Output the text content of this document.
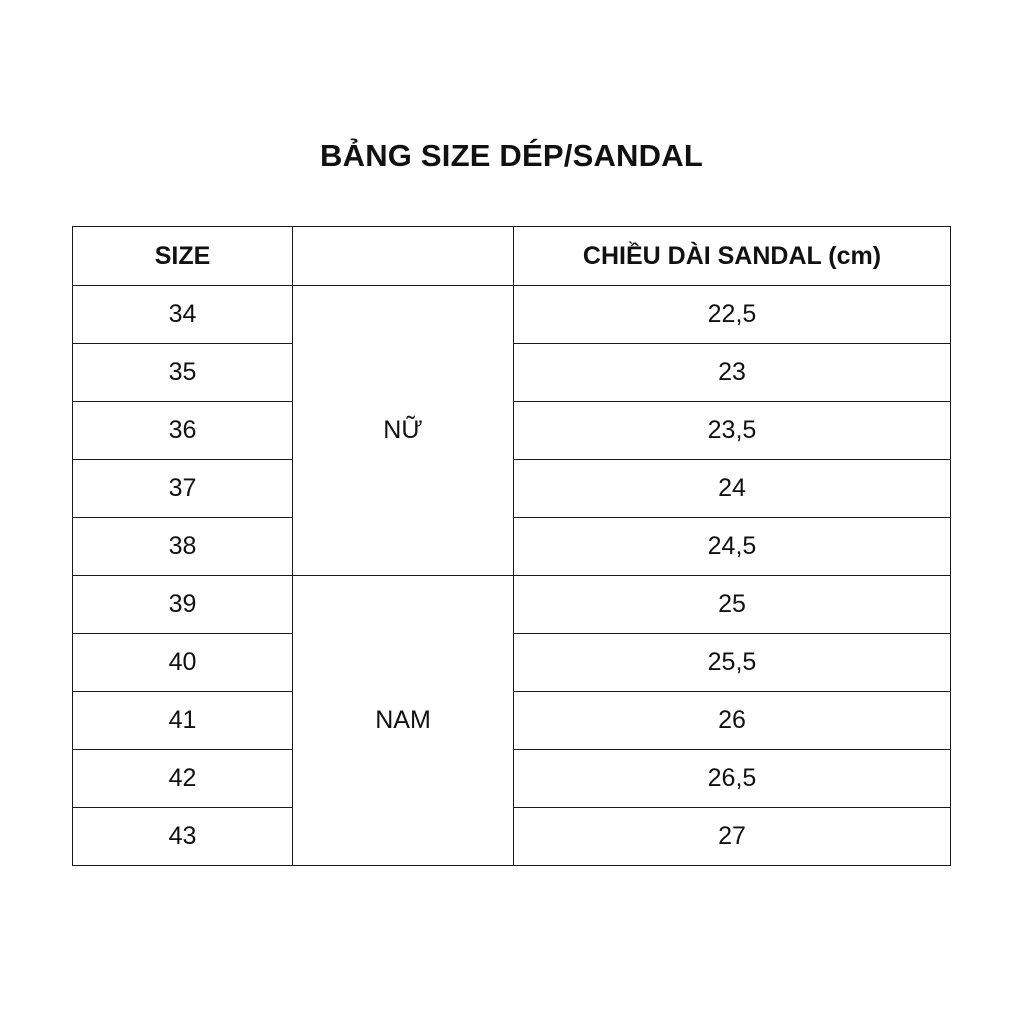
BẢNG SIZE DÉP/SANDAL
SIZE		CHIỀU DÀI SANDAL (cm)
34	NỮ	22,5
35		23
36		23,5
37		24
38		24,5
39	NAM	25
40		25,5
41		26
42		26,5
43		27
